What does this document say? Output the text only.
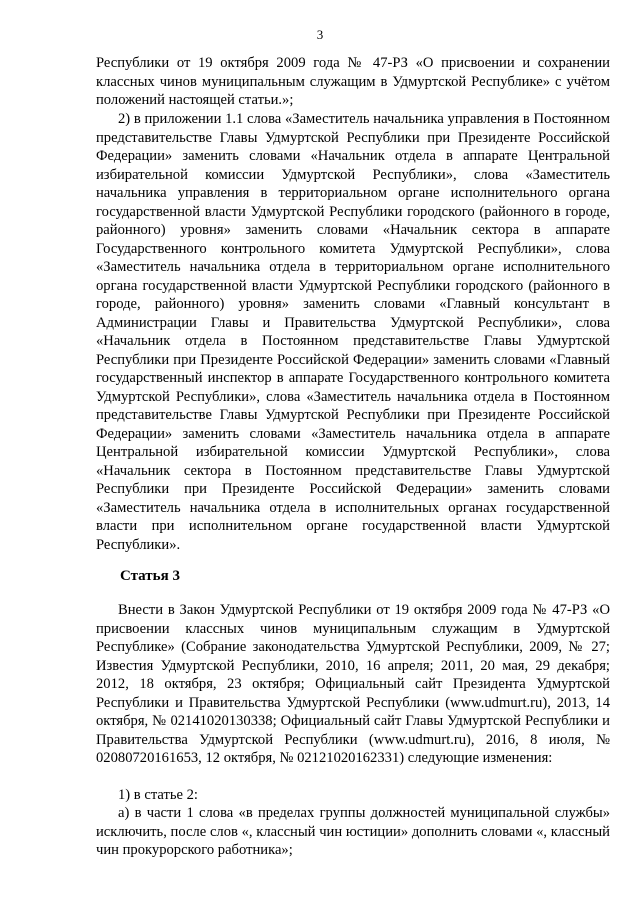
3

Республики от 19 октября 2009 года № 47-РЗ «О присвоении и сохранении классных чинов муниципальным служащим в Удмуртской Республике» с учётом положений настоящей статьи.»;

2) в приложении 1.1 слова «Заместитель начальника управления в Постоянном представительстве Главы Удмуртской Республики при Президенте Российской Федерации» заменить словами «Начальник отдела в аппарате Центральной избирательной комиссии Удмуртской Республики», слова «Заместитель начальника управления в территориальном органе исполнительного органа государственной власти Удмуртской Республики городского (районного в городе, районного) уровня» заменить словами «Начальник сектора в аппарате Государственного контрольного комитета Удмуртской Республики», слова «Заместитель начальника отдела в территориальном органе исполнительного органа государственной власти Удмуртской Республики городского (районного в городе, районного) уровня» заменить словами «Главный консультант в Администрации Главы и Правительства Удмуртской Республики», слова «Начальник отдела в Постоянном представительстве Главы Удмуртской Республики при Президенте Российской Федерации» заменить словами «Главный государственный инспектор в аппарате Государственного контрольного комитета Удмуртской Республики», слова «Заместитель начальника отдела в Постоянном представительстве Главы Удмуртской Республики при Президенте Российской Федерации» заменить словами «Заместитель начальника отдела в аппарате Центральной избирательной комиссии Удмуртской Республики», слова «Начальник сектора в Постоянном представительстве Главы Удмуртской Республики при Президенте Российской Федерации» заменить словами «Заместитель начальника отдела в исполнительных органах государственной власти при исполнительном органе государственной власти Удмуртской Республики».

Статья 3

Внести в Закон Удмуртской Республики от 19 октября 2009 года № 47-РЗ «О присвоении классных чинов муниципальным служащим в Удмуртской Республике» (Собрание законодательства Удмуртской Республики, 2009, № 27; Известия Удмуртской Республики, 2010, 16 апреля; 2011, 20 мая, 29 декабря; 2012, 18 октября, 23 октября; Официальный сайт Президента Удмуртской Республики и Правительства Удмуртской Республики (www.udmurt.ru), 2013, 14 октября, № 02141020130338; Официальный сайт Главы Удмуртской Республики и Правительства Удмуртской Республики (www.udmurt.ru), 2016, 8 июля, № 02080720161653, 12 октября, № 02121020162331) следующие изменения:

1) в статье 2:

а) в части 1 слова «в пределах группы должностей муниципальной службы» исключить, после слов «, классный чин юстиции» дополнить словами «, классный чин прокурорского работника»;
